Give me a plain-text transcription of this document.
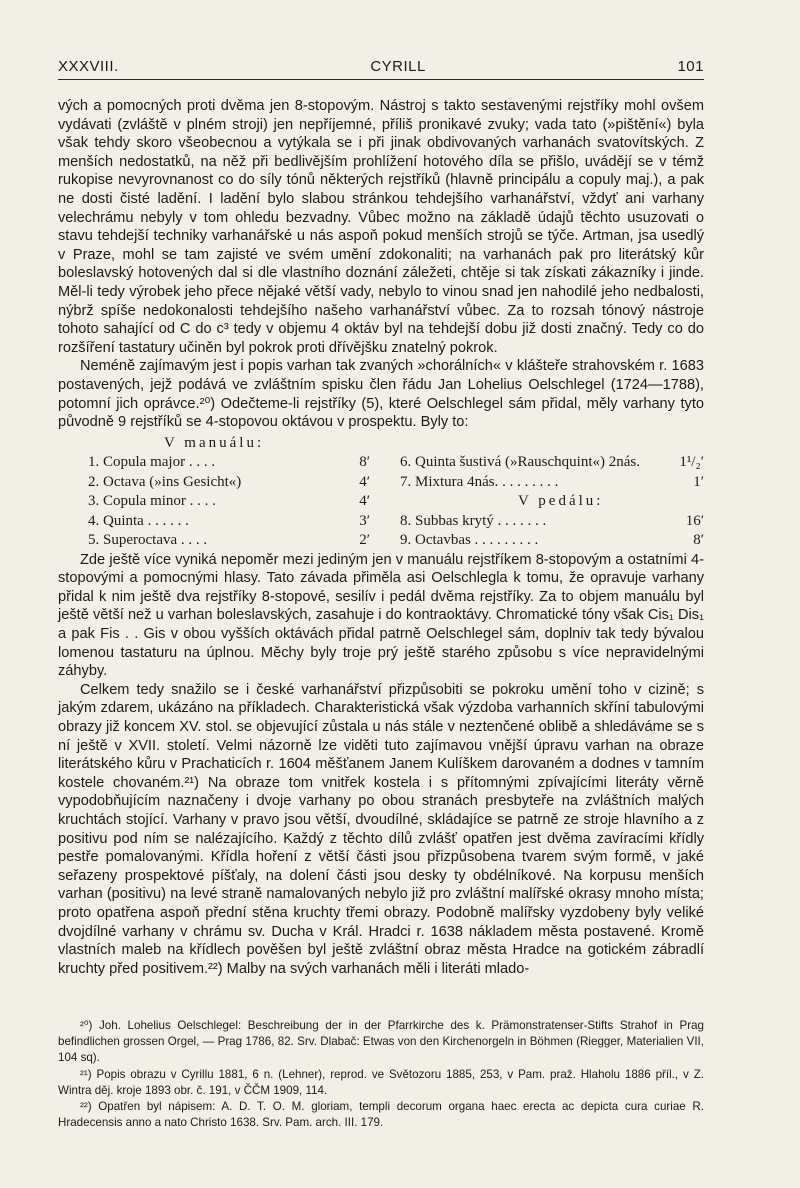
XXXVIII.	CYRILL	101

vých a pomocných proti dvěma jen 8-stopovým. Nástroj s takto sestavenými rejstříky mohl ovšem vydávati (zvláště v plném stroji) jen nepříjemné, příliš pronikavé zvuky; vada tato (»pištění«) byla však tehdy skoro všeobecnou a vytýkala se i při jinak obdivovaných varhanách svatovítských. Z menších nedostatků, na něž při bedlivějším prohlížení hotového díla se přišlo, uvádějí se v témž rukopise nevyrovnanost co do síly tónů některých rejstříků (hlavně principálu a copuly maj.), a pak ne dosti čisté ladění. I ladění bylo slabou stránkou tehdejšího varhanářství, vždyť ani varhany velechrámu nebyly v tom ohledu bezvadny. Vůbec možno na základě údajů těchto usuzovati o stavu tehdejší techniky varhanářské u nás aspoň pokud menších strojů se týče. Artman, jsa usedlý v Praze, mohl se tam zajisté ve svém umění zdokonaliti; na varhanách pak pro literátský kůr boleslavský hotovených dal si dle vlastního doznání záležeti, chtěje si tak získati zákazníky i jinde. Měl-li tedy výrobek jeho přece nějaké větší vady, nebylo to vinou snad jen nahodilé jeho nedbalosti, nýbrž spíše nedokonalosti tehdejšího našeho varhanářství vůbec. Za to rozsah tónový nástroje tohoto sahající od C do c³ tedy v objemu 4 oktáv byl na tehdejší dobu již dosti značný. Tedy co do rozšíření tastatury učiněn byl pokrok proti dřívějšku znatelný pokrok.

Neméně zajímavým jest i popis varhan tak zvaných »chorálních« v klášteře strahovském r. 1683 postavených, jejž podává ve zvláštním spisku člen řádu Jan Lohelius Oelschlegel (1724—1788), potomní jich oprávce.²⁰) Odečteme-li rejstříky (5), které Oelschlegel sám přidal, měly varhany tyto původně 9 rejstříků se 4-stopovou oktávou v prospektu. Byly to:

V manuálu:
1. Copula major . . . .	8′
2. Octava (»ins Gesicht«)	4′
3. Copula minor . . . .	4′
4. Quinta . . . . . .	3′
5. Superoctava . . . .	2′
6. Quinta šustivá (»Rauschquint«) 2nás.	1¹/₂′
7. Mixtura 4nás. . . . . . . . .	1′
V pedálu:
8. Subbas krytý . . . . . . .	16′
9. Octavbas . . . . . . . . .	8′

Zde ještě více vyniká nepoměr mezi jediným jen v manuálu rejstříkem 8-stopovým a ostatními 4-stopovými a pomocnými hlasy. Tato závada přiměla asi Oelschlegla k tomu, že opravuje varhany přidal k nim ještě dva rejstříky 8-stopové, sesilív i pedál dvěma rejstříky. Za to objem manuálu byl ještě větší než u varhan boleslavských, zasahuje i do kontraoktávy. Chromatické tóny však Cis₁ Dis₁ a pak Fis . . Gis v obou vyšších oktávách přidal patrně Oelschlegel sám, doplniv tak tedy bývalou lomenou tastaturu na úplnou. Měchy byly troje prý ještě starého způsobu s více nepravidelnými záhyby.

Celkem tedy snažilo se i české varhanářství přizpůsobiti se pokroku umění toho v cizině; s jakým zdarem, ukázáno na příkladech. Charakteristická však výzdoba varhanních skříní tabulovými obrazy již koncem XV. stol. se objevující zůstala u nás stále v neztenčené oblibě a shledáváme se s ní ještě v XVII. století. Velmi názorně lze viděti tuto zajímavou vnější úpravu varhan na obraze literátského kůru v Prachaticích r. 1604 měšťanem Janem Kulíškem darovaném a dodnes v tamním kostele chovaném.²¹) Na obraze tom vnitřek kostela i s přítomnými zpívajícími literáty věrně vypodobňujícím naznačeny i dvoje varhany po obou stranách presbyteře na zvláštních malých kruchtách stojící. Varhany v pravo jsou větší, dvoudílné, skládajíce se patrně ze stroje hlavního a z positivu pod ním se nalézajícího. Každý z těchto dílů zvlášť opatřen jest dvěma zavíracími křídly pestře pomalovanými. Křídla hoření z větší části jsou přizpůsobena tvarem svým formě, v jaké seřazeny prospektové píšťaly, na dolení části jsou desky ty obdélníkové. Na korpusu menších varhan (positivu) na levé straně namalovaných nebylo již pro zvláštní malířské okrasy mnoho místa; proto opatřena aspoň přední stěna kruchty třemi obrazy. Podobně malířsky vyzdobeny byly veliké dvojdílné varhany v chrámu sv. Ducha v Král. Hradci r. 1638 nákladem města postavené. Kromě vlastních maleb na křídlech pověšen byl ještě zvláštní obraz města Hradce na gotickém zábradlí kruchty před positivem.²²) Malby na svých varhanách měli i literáti mlado-

²⁰) Joh. Lohelius Oelschlegel: Beschreibung der in der Pfarrkirche des k. Prämonstratenser-Stifts Strahof in Prag befindlichen grossen Orgel, — Prag 1786, 82. Srv. Dlabač: Etwas von den Kirchenorgeln in Böhmen (Riegger, Materialien VII, 104 sq).

²¹) Popis obrazu v Cyrillu 1881, 6 n. (Lehner), reprod. ve Světozoru 1885, 253, v Pam. praž. Hlaholu 1886 příl., v Z. Wintra děj. kroje 1893 obr. č. 191, v ČČM 1909, 114.

²²) Opatřen byl nápisem: A. D. T. O. M. gloriam, templi decorum organa haec erecta ac depicta cura curiae R. Hradecensis anno a nato Christo 1638. Srv. Pam. arch. III. 179.
